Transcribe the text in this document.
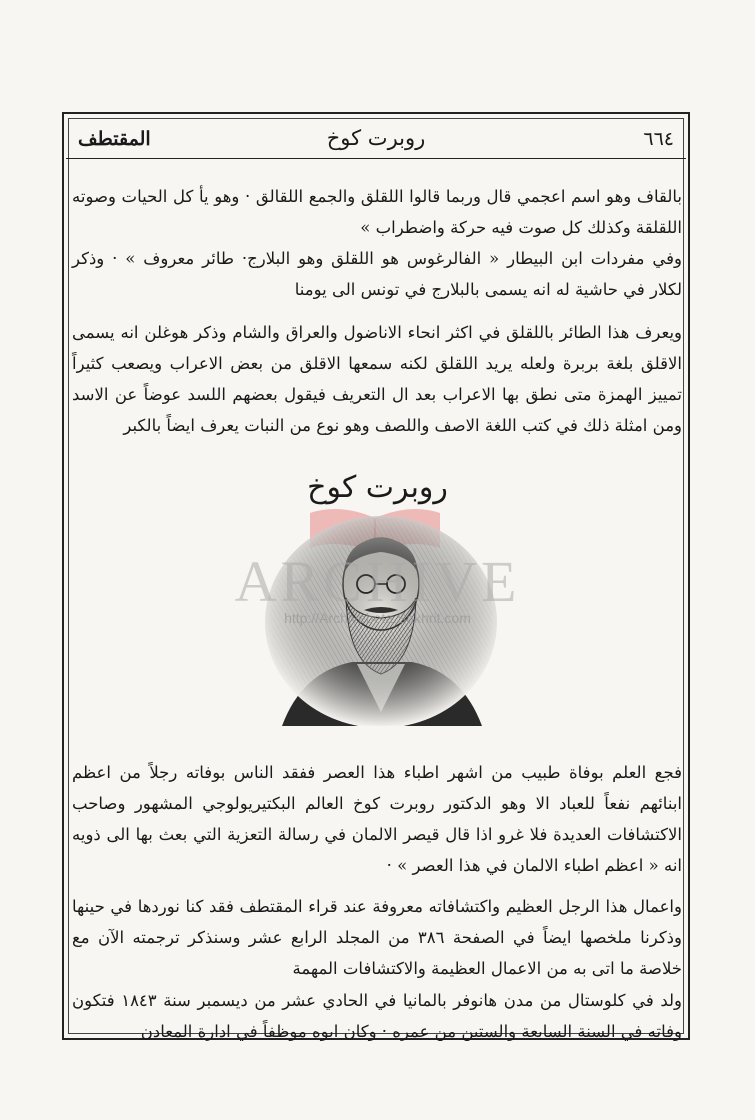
٦٦٤
روبرت كوخ
المقتطف

بالقاف وهو اسم اعجمي قال وربما قالوا اللقلق والجمع اللقالق · وهو يأ كل الحيات وصوته اللقلقة وكذلك كل صوت فيه حركة واضطراب »

وفي مفردات ابن البيطار « الفالرغوس هو اللقلق وهو البلارج· طائر معروف » · وذكر لكلار في حاشية له انه يسمى بالبلارج في تونس الى يومنا

ويعرف هذا الطائر باللقلق في اكثر انحاء الاناضول والعراق والشام وذكر هوغلن انه يسمى الاقلق بلغة بربرة ولعله يريد اللقلق لكنه سمعها الاقلق من بعض الاعراب ويصعب كثيراً تمييز الهمزة متى نطق بها الاعراب بعد ال التعريف فيقول بعضهم اللسد عوضاً عن الاسد ومن امثلة ذلك في كتب اللغة الاصف واللصف وهو نوع من النبات يعرف ايضاً بالكبر

روبرت كوخ
ARCHIVE
http://Archivebeta.Sakhrit.com

فجع العلم بوفاة طبيب من اشهر اطباء هذا العصر ففقد الناس بوفاته رجلاً من اعظم ابنائهم نفعاً للعباد الا وهو الدكتور روبرت كوخ العالم البكتيريولوجي المشهور وصاحب الاكتشافات العديدة فلا غرو اذا قال قيصر الالمان في رسالة التعزية التي بعث بها الى ذويه انه « اعظم اطباء الالمان في هذا العصر » ·

واعمال هذا الرجل العظيم واكتشافاته معروفة عند قراء المقتطف فقد كنا نوردها في حينها وذكرنا ملخصها ايضاً في الصفحة ٣٨٦ من المجلد الرابع عشر وسنذكر ترجمته الآن مع خلاصة ما اتى به من الاعمال العظيمة والاكتشافات المهمة

ولد في كلوستال من مدن هانوفر بالمانيا في الحادي عشر من ديسمبر سنة ١٨٤٣ فتكون وفاته في السنة السابعة والستين من عمره · وكان ابوه موظفاً في ادارة المعادن
